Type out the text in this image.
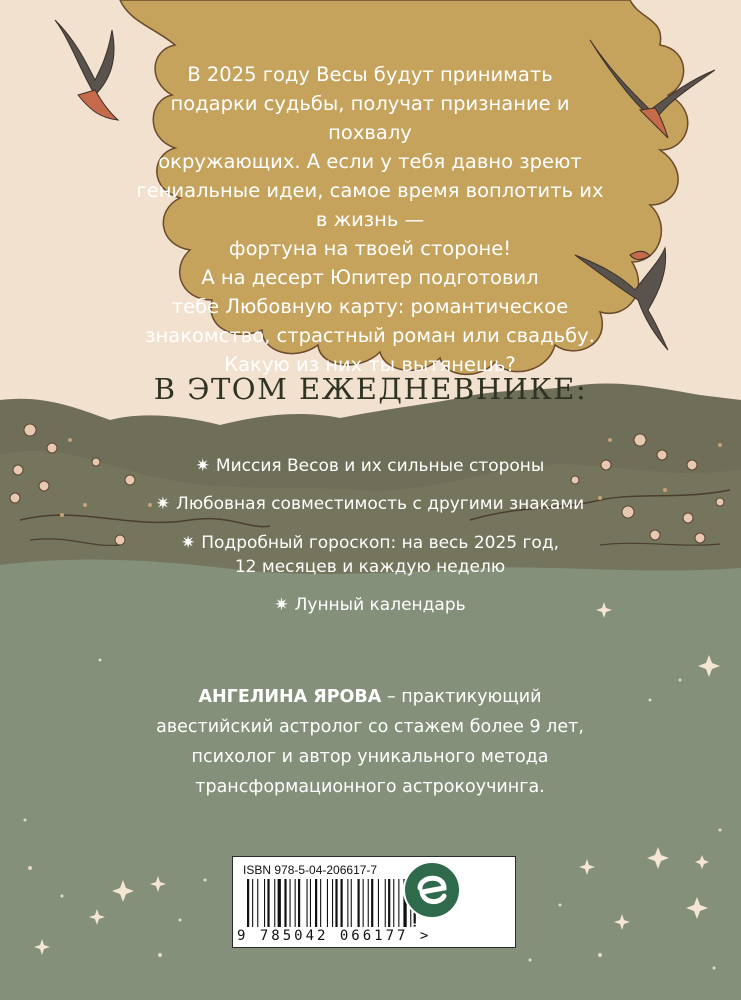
В 2025 году Весы будут принимать

подарки судьбы, получат признание и похвалу

окружающих. А если у тебя давно зреют

гениальные идеи, самое время воплотить их в жизнь —

фортуна на твоей стороне!

А на десерт Юпитер подготовил

тебе Любовную карту: романтическое

знакомство, страстный роман или свадьбу.

Какую из них ты вытянешь?

В ЭТОМ ЕЖЕДНЕВНИКЕ:
✷ Миссия Весов и их сильные стороны
✷ Любовная совместимость с другими знаками
✷ Подробный гороскоп: на весь 2025 год,
12 месяцев и каждую неделю
✷ Лунный календарь
АНГЕЛИНА ЯРОВА – практикующий
авестийский астролог со стажем более 9 лет,
психолог и автор уникального метода
трансформационного астрокоучинга.
ISBN 978-5-04-206617-7
9 785042 066177 >
ЭКСМО
